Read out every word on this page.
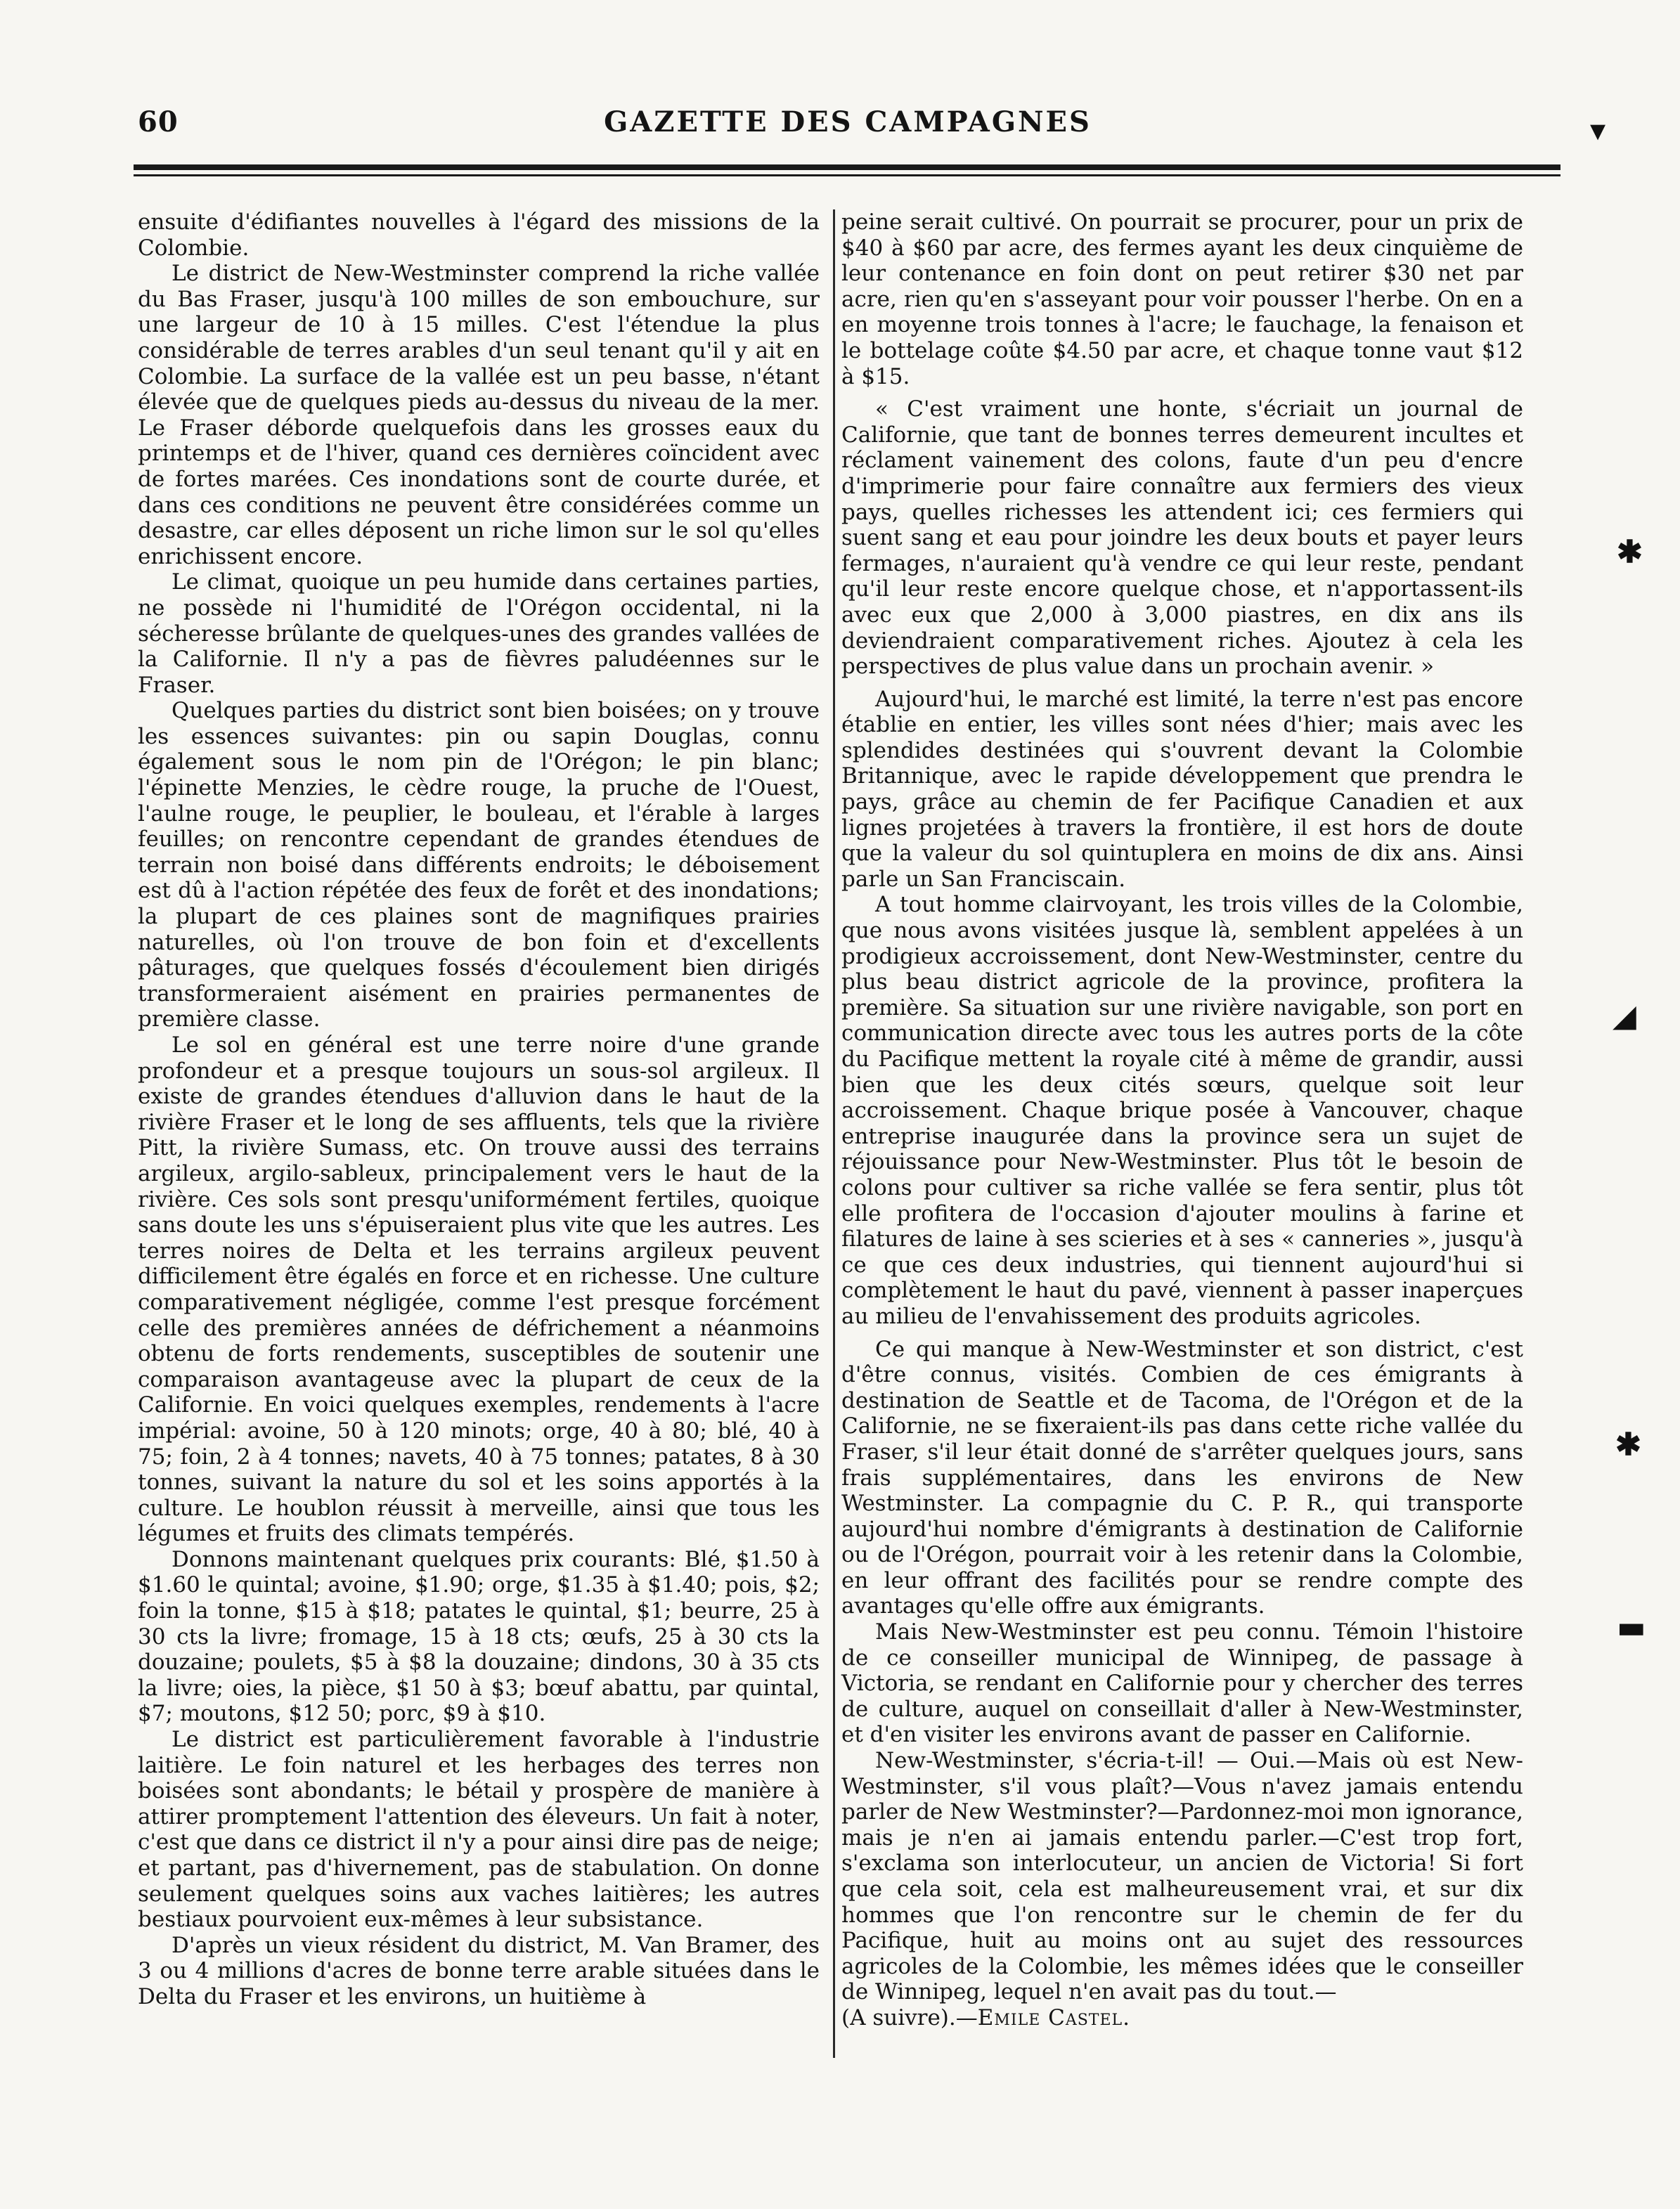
60	GAZETTE DES CAMPAGNES

ensuite d'édifiantes nouvelles à l'égard des missions de la Colombie.

Le district de New-Westminster comprend la riche vallée du Bas Fraser, jusqu'à 100 milles de son embouchure, sur une largeur de 10 à 15 milles. C'est l'étendue la plus considérable de terres arables d'un seul tenant qu'il y ait en Colombie. La surface de la vallée est un peu basse, n'étant élevée que de quelques pieds au-dessus du niveau de la mer. Le Fraser déborde quelquefois dans les grosses eaux du printemps et de l'hiver, quand ces dernières coïncident avec de fortes marées. Ces inondations sont de courte durée, et dans ces conditions ne peuvent être considérées comme un desastre, car elles déposent un riche limon sur le sol qu'elles enrichissent encore.

Le climat, quoique un peu humide dans certaines parties, ne possède ni l'humidité de l'Orégon occidental, ni la sécheresse brûlante de quelques-unes des grandes vallées de la Californie. Il n'y a pas de fièvres paludéennes sur le Fraser.

Quelques parties du district sont bien boisées; on y trouve les essences suivantes: pin ou sapin Douglas, connu également sous le nom pin de l'Orégon; le pin blanc; l'épinette Menzies, le cèdre rouge, la pruche de l'Ouest, l'aulne rouge, le peuplier, le bouleau, et l'érable à larges feuilles; on rencontre cependant de grandes étendues de terrain non boisé dans différents endroits; le déboisement est dû à l'action répétée des feux de forêt et des inondations; la plupart de ces plaines sont de magnifiques prairies naturelles, où l'on trouve de bon foin et d'excellents pâturages, que quelques fossés d'écoulement bien dirigés transformeraient aisément en prairies permanentes de première classe.

Le sol en général est une terre noire d'une grande profondeur et a presque toujours un sous-sol argileux. Il existe de grandes étendues d'alluvion dans le haut de la rivière Fraser et le long de ses affluents, tels que la rivière Pitt, la rivière Sumass, etc. On trouve aussi des terrains argileux, argilo-sableux, principalement vers le haut de la rivière. Ces sols sont presqu'uniformément fertiles, quoique sans doute les uns s'épuiseraient plus vite que les autres. Les terres noires de Delta et les terrains argileux peuvent difficilement être égalés en force et en richesse. Une culture comparativement négligée, comme l'est presque forcément celle des premières années de défrichement a néanmoins obtenu de forts rendements, susceptibles de soutenir une comparaison avantageuse avec la plupart de ceux de la Californie. En voici quelques exemples, rendements à l'acre impérial: avoine, 50 à 120 minots; orge, 40 à 80; blé, 40 à 75; foin, 2 à 4 tonnes; navets, 40 à 75 tonnes; patates, 8 à 30 tonnes, suivant la nature du sol et les soins apportés à la culture. Le houblon réussit à merveille, ainsi que tous les légumes et fruits des climats tempérés.

Donnons maintenant quelques prix courants: Blé, $1.50 à $1.60 le quintal; avoine, $1.90; orge, $1.35 à $1.40; pois, $2; foin la tonne, $15 à $18; patates le quintal, $1; beurre, 25 à 30 cts la livre; fromage, 15 à 18 cts; œufs, 25 à 30 cts la douzaine; poulets, $5 à $8 la douzaine; dindons, 30 à 35 cts la livre; oies, la pièce, $1 50 à $3; bœuf abattu, par quintal, $7; moutons, $12 50; porc, $9 à $10.

Le district est particulièrement favorable à l'industrie laitière. Le foin naturel et les herbages des terres non boisées sont abondants; le bétail y prospère de manière à attirer promptement l'attention des éleveurs. Un fait à noter, c'est que dans ce district il n'y a pour ainsi dire pas de neige; et partant, pas d'hivernement, pas de stabulation. On donne seulement quelques soins aux vaches laitières; les autres bestiaux pourvoient eux-mêmes à leur subsistance.

D'après un vieux résident du district, M. Van Bramer, des 3 ou 4 millions d'acres de bonne terre arable situées dans le Delta du Fraser et les environs, un huitième à

peine serait cultivé. On pourrait se procurer, pour un prix de $40 à $60 par acre, des fermes ayant les deux cinquième de leur contenance en foin dont on peut retirer $30 net par acre, rien qu'en s'asseyant pour voir pousser l'herbe. On en a en moyenne trois tonnes à l'acre; le fauchage, la fenaison et le bottelage coûte $4.50 par acre, et chaque tonne vaut $12 à $15.

« C'est vraiment une honte, s'écriait un journal de Californie, que tant de bonnes terres demeurent incultes et réclament vainement des colons, faute d'un peu d'encre d'imprimerie pour faire connaître aux fermiers des vieux pays, quelles richesses les attendent ici; ces fermiers qui suent sang et eau pour joindre les deux bouts et payer leurs fermages, n'auraient qu'à vendre ce qui leur reste, pendant qu'il leur reste encore quelque chose, et n'apportassent-ils avec eux que 2,000 à 3,000 piastres, en dix ans ils deviendraient comparativement riches. Ajoutez à cela les perspectives de plus value dans un prochain avenir. »

Aujourd'hui, le marché est limité, la terre n'est pas encore établie en entier, les villes sont nées d'hier; mais avec les splendides destinées qui s'ouvrent devant la Colombie Britannique, avec le rapide développement que prendra le pays, grâce au chemin de fer Pacifique Canadien et aux lignes projetées à travers la frontière, il est hors de doute que la valeur du sol quintuplera en moins de dix ans. Ainsi parle un San Franciscain.

A tout homme clairvoyant, les trois villes de la Colombie, que nous avons visitées jusque là, semblent appelées à un prodigieux accroissement, dont New-Westminster, centre du plus beau district agricole de la province, profitera la première. Sa situation sur une rivière navigable, son port en communication directe avec tous les autres ports de la côte du Pacifique mettent la royale cité à même de grandir, aussi bien que les deux cités sœurs, quelque soit leur accroissement. Chaque brique posée à Vancouver, chaque entreprise inaugurée dans la province sera un sujet de réjouissance pour New-Westminster. Plus tôt le besoin de colons pour cultiver sa riche vallée se fera sentir, plus tôt elle profitera de l'occasion d'ajouter moulins à farine et filatures de laine à ses scieries et à ses « canneries », jusqu'à ce que ces deux industries, qui tiennent aujourd'hui si complètement le haut du pavé, viennent à passer inaperçues au milieu de l'envahissement des produits agricoles.

Ce qui manque à New-Westminster et son district, c'est d'être connus, visités. Combien de ces émigrants à destination de Seattle et de Tacoma, de l'Orégon et de la Californie, ne se fixeraient-ils pas dans cette riche vallée du Fraser, s'il leur était donné de s'arrêter quelques jours, sans frais supplémentaires, dans les environs de New Westminster. La compagnie du C. P. R., qui transporte aujourd'hui nombre d'émigrants à destination de Californie ou de l'Orégon, pourrait voir à les retenir dans la Colombie, en leur offrant des facilités pour se rendre compte des avantages qu'elle offre aux émigrants.

Mais New-Westminster est peu connu. Témoin l'histoire de ce conseiller municipal de Winnipeg, de passage à Victoria, se rendant en Californie pour y chercher des terres de culture, auquel on conseillait d'aller à New-Westminster, et d'en visiter les environs avant de passer en Californie.

New-Westminster, s'écria-t-il! — Oui.—Mais où est New-Westminster, s'il vous plaît?—Vous n'avez jamais entendu parler de New Westminster?—Pardonnez-moi mon ignorance, mais je n'en ai jamais entendu parler.—C'est trop fort, s'exclama son interlocuteur, un ancien de Victoria! Si fort que cela soit, cela est malheureusement vrai, et sur dix hommes que l'on rencontre sur le chemin de fer du Pacifique, huit au moins ont au sujet des ressources agricoles de la Colombie, les mêmes idées que le conseiller de Winnipeg, lequel n'en avait pas du tout.—
(A suivre).—Emile Castel.

▾
✱
◢
✱
▬
